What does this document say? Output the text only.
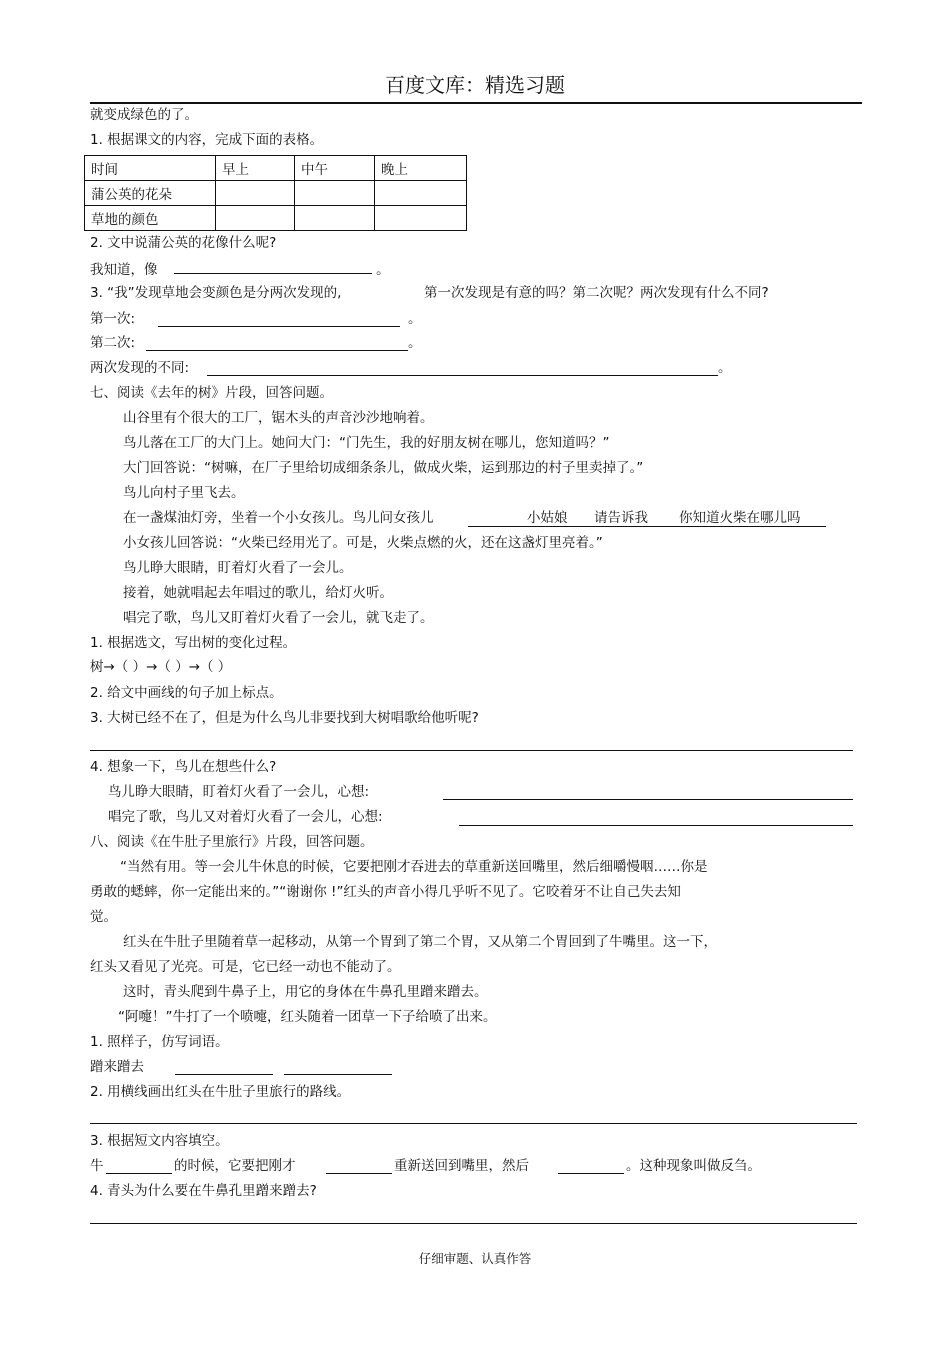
百度文库：精选习题
就变成绿色的了。
1. 根据课文的内容，完成下面的表格。
时间	早上	中午	晚上
蒲公英的花朵			
草地的颜色			
2. 文中说蒲公英的花像什么呢?
我知道，像	。
3. “我”发现草地会变颜色是分两次发现的,	第一次发现是有意的吗？第二次呢？两次发现有什么不同?
第一次:	。
第二次:	。
两次发现的不同:	。
七、阅读《去年的树》片段，回答问题。
山谷里有个很大的工厂，锯木头的声音沙沙地响着。
鸟儿落在工厂的大门上。她问大门：“门先生，我的好朋友树在哪儿，您知道吗？”
大门回答说：“树嘛，在厂子里给切成细条条儿，做成火柴，运到那边的村子里卖掉了。”
鸟儿向村子里飞去。
在一盏煤油灯旁，坐着一个小女孩儿。鸟儿问女孩儿	小姑娘 请告诉我 你知道火柴在哪儿吗
小女孩儿回答说：“火柴已经用光了。可是，火柴点燃的火，还在这盏灯里亮着。”
鸟儿睁大眼睛，盯着灯火看了一会儿。
接着，她就唱起去年唱过的歌儿，给灯火听。
唱完了歌，鸟儿又盯着灯火看了一会儿，就飞走了。
1. 根据选文，写出树的变化过程。
树→（ ）→（ ）→（ ）
2. 给文中画线的句子加上标点。
3. 大树已经不在了，但是为什么鸟儿非要找到大树唱歌给他听呢?
4. 想象一下，鸟儿在想些什么?
鸟儿睁大眼睛，盯着灯火看了一会儿，心想:
唱完了歌，鸟儿又对着灯火看了一会儿，心想:
八、阅读《在牛肚子里旅行》片段，回答问题。
“当然有用。等一会儿牛休息的时候，它要把刚才吞进去的草重新送回嘴里，然后细嚼慢咽……你是
勇敢的蟋蟀，你一定能出来的。”“谢谢你 !”红头的声音小得几乎听不见了。它咬着牙不让自己失去知
觉。
红头在牛肚子里随着草一起移动，从第一个胃到了第二个胃，又从第二个胃回到了牛嘴里。这一下，
红头又看见了光亮。可是，它已经一动也不能动了。
这时，青头爬到牛鼻子上，用它的身体在牛鼻孔里蹭来蹭去。
“阿嚏！”牛打了一个喷嚏，红头随着一团草一下子给喷了出来。
1. 照样子，仿写词语。
蹭来蹭去
2. 用横线画出红头在牛肚子里旅行的路线。
3. 根据短文内容填空。
牛	的时候，它要把刚才	重新送回到嘴里，然后	。这种现象叫做反刍。
4. 青头为什么要在牛鼻孔里蹭来蹭去?
仔细审题、认真作答
